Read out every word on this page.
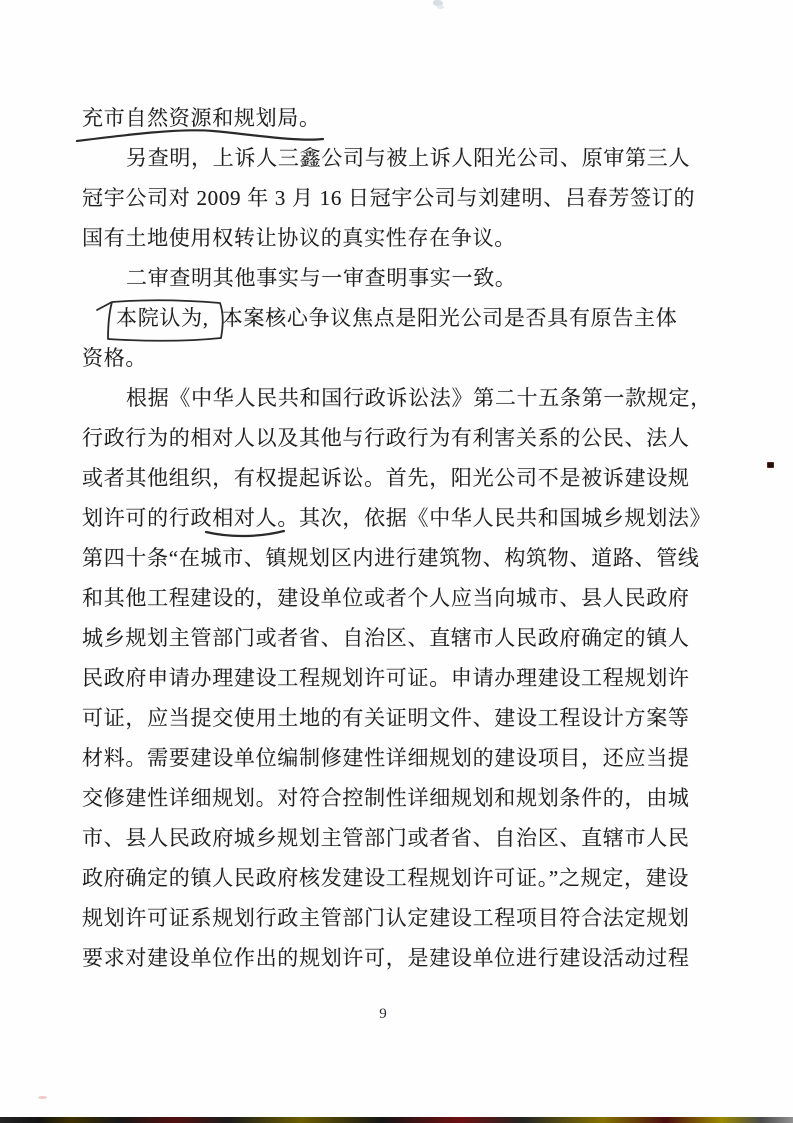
充市自然资源和规划局。
另查明，上诉人三鑫公司与被上诉人阳光公司、原审第三人
冠宇公司对 2009 年 3 月 16 日冠宇公司与刘建明、吕春芳签订的
国有土地使用权转让协议的真实性存在争议。
二审查明其他事实与一审查明事实一致。
本院认为, 本案核心争议焦点是阳光公司是否具有原告主体
资格。
根据《中华人民共和国行政诉讼法》第二十五条第一款规定，
行政行为的相对人以及其他与行政行为有利害关系的公民、法人
或者其他组织，有权提起诉讼。首先，阳光公司不是被诉建设规
划许可的行政相对人。其次，依据《中华人民共和国城乡规划法》
第四十条“在城市、镇规划区内进行建筑物、构筑物、道路、管线
和其他工程建设的，建设单位或者个人应当向城市、县人民政府
城乡规划主管部门或者省、自治区、直辖市人民政府确定的镇人
民政府申请办理建设工程规划许可证。申请办理建设工程规划许
可证，应当提交使用土地的有关证明文件、建设工程设计方案等
材料。需要建设单位编制修建性详细规划的建设项目，还应当提
交修建性详细规划。对符合控制性详细规划和规划条件的，由城
市、县人民政府城乡规划主管部门或者省、自治区、直辖市人民
政府确定的镇人民政府核发建设工程规划许可证。”之规定，建设
规划许可证系规划行政主管部门认定建设工程项目符合法定规划
要求对建设单位作出的规划许可，是建设单位进行建设活动过程
9
